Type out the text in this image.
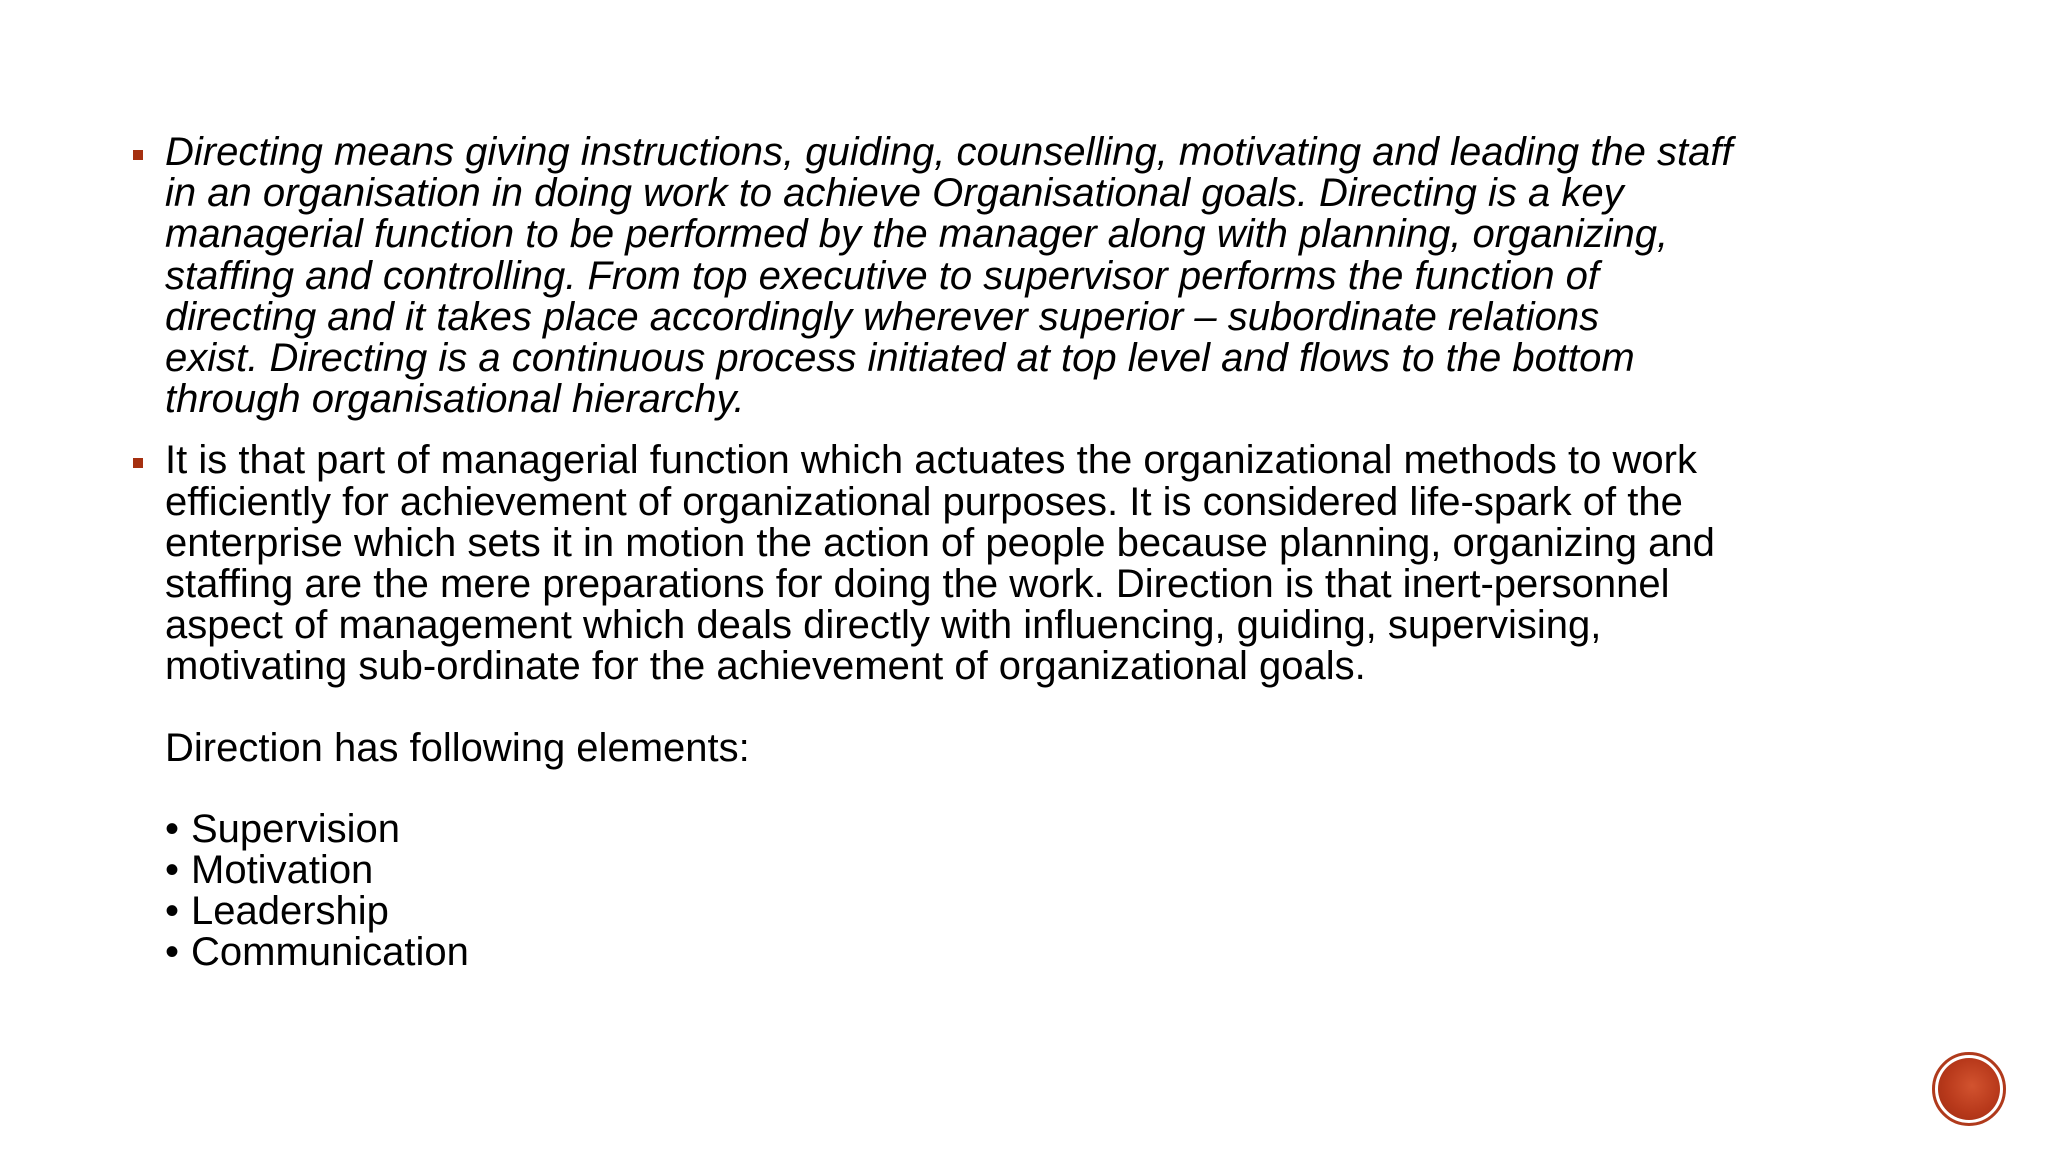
Directing means giving instructions, guiding, counselling, motivating and leading the staff
in an organisation in doing work to achieve Organisational goals. Directing is a key
managerial function to be performed by the manager along with planning, organizing,
staffing and controlling. From top executive to supervisor performs the function of
directing and it takes place accordingly wherever superior – subordinate relations
exist. Directing is a continuous process initiated at top level and flows to the bottom
through organisational hierarchy.

It is that part of managerial function which actuates the organizational methods to work
efficiently for achievement of organizational purposes. It is considered life-spark of the
enterprise which sets it in motion the action of people because planning, organizing and
staffing are the mere preparations for doing the work. Direction is that inert-personnel
aspect of management which deals directly with influencing, guiding, supervising,
motivating sub-ordinate for the achievement of organizational goals.

Direction has following elements:

• Supervision
• Motivation
• Leadership
• Communication
